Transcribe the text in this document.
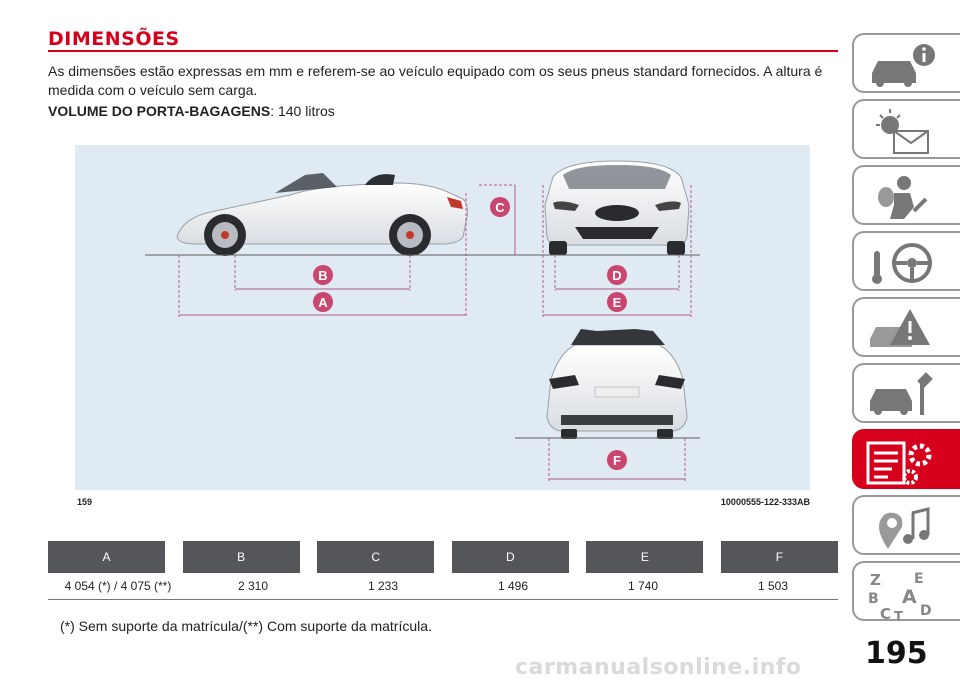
DIMENSÕES
As dimensões estão expressas em mm e referem-se ao veículo equipado com os seus pneus standard fornecidos. A altura é medida com o veículo sem carga.
VOLUME DO PORTA-BAGAGENS: 140 litros
A
B
C
D
E
F
159	10000555-122-333AB
A	B	C	D	E	F
4 054 (*) / 4 075 (**)	2 310	1 233	1 496	1 740	1 503
(*) Sem suporte da matrícula/(**) Com suporte da matrícula.
carmanualsonline.info 195
Z E
B A
C T D
